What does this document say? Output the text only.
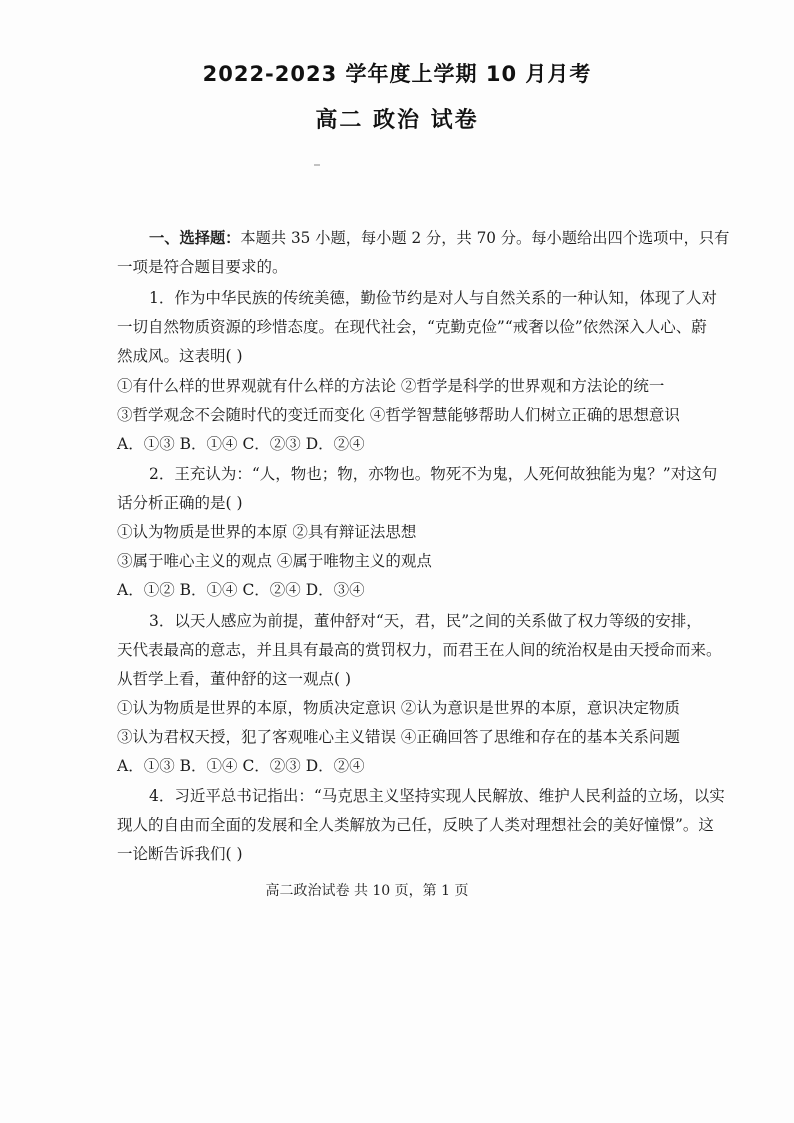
2022-2023 学年度上学期 10 月月考
高二 政治 试卷
一、选择题：本题共 35 小题，每小题 2 分，共 70 分。每小题给出四个选项中，只有
一项是符合题目要求的。
1．作为中华民族的传统美德，勤俭节约是对人与自然关系的一种认知，体现了人对
一切自然物质资源的珍惜态度。在现代社会，“克勤克俭”“戒奢以俭”依然深入人心、蔚
然成风。这表明( )
①有什么样的世界观就有什么样的方法论 ②哲学是科学的世界观和方法论的统一
③哲学观念不会随时代的变迁而变化 ④哲学智慧能够帮助人们树立正确的思想意识
A．①③ B．①④ C．②③ D．②④
2．王充认为：“人，物也；物，亦物也。物死不为鬼，人死何故独能为鬼？”对这句
话分析正确的是( )
①认为物质是世界的本原 ②具有辩证法思想
③属于唯心主义的观点 ④属于唯物主义的观点
A．①② B．①④ C．②④ D．③④
3．以天人感应为前提，董仲舒对“天，君，民”之间的关系做了权力等级的安排，
天代表最高的意志，并且具有最高的赏罚权力，而君王在人间的统治权是由天授命而来。
从哲学上看，董仲舒的这一观点( )
①认为物质是世界的本原，物质决定意识 ②认为意识是世界的本原，意识决定物质
③认为君权天授，犯了客观唯心主义错误 ④正确回答了思维和存在的基本关系问题
A．①③ B．①④ C．②③ D．②④
4．习近平总书记指出：“马克思主义坚持实现人民解放、维护人民利益的立场，以实
现人的自由而全面的发展和全人类解放为己任，反映了人类对理想社会的美好憧憬”。这
一论断告诉我们( )
高二政治试卷 共 10 页，第 1 页
